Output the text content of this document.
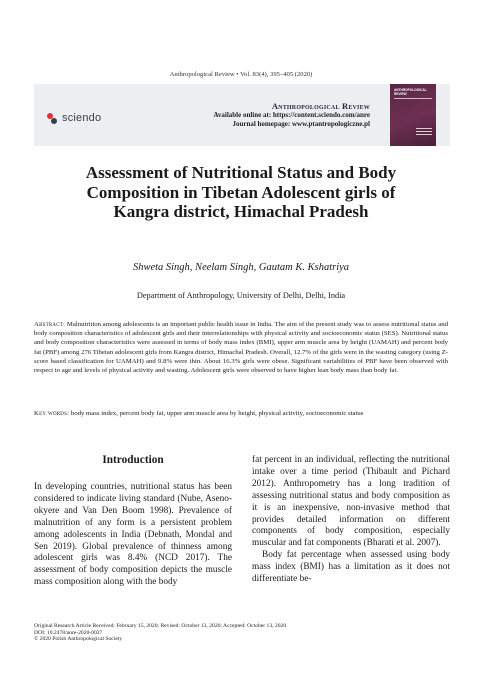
Anthropological Review • Vol. 83(4), 395–405 (2020)
sciendo
Anthropological Review
Available online at: https://content.sciendo.com/anre
Journal homepage: www.ptantropologiczne.pl
ANTHROPOLOGICAL REVIEW
Assessment of Nutritional Status and Body Composition in Tibetan Adolescent girls of Kangra district, Himachal Pradesh
Shweta Singh, Neelam Singh, Gautam K. Kshatriya
Department of Anthropology, University of Delhi, Delhi, India
Abstract: Malnutrition among adolescents is an important public health issue in India. The aim of the present study was to assess nutritional status and body composition characteristics of adolescent girls and their interrelationships with physical activity and socioeconomic status (SES). Nutritional status and body composition characteristics were assessed in terms of body mass index (BMI), upper arm muscle area by height (UAMAH) and percent body fat (PBF) among 276 Tibetan adolescent girls from Kangra district, Himachal Pradesh. Overall, 12.7% of the girls were in the wasting category (using Z-score based classification for UAMAH) and 9.8% were thin. About 16.3% girls were obese. Significant variabilities of PBF have been observed with respect to age and levels of physical activity and wasting. Adolescent girls were observed to have higher lean body mass than body fat.
Key words: body mass index, percent body fat, upper arm muscle area by height, physical activity, socioeconomic status
Introduction

In developing countries, nutritional status has been considered to indicate living standard (Nube, Aseno-okyere and Van Den Boom 1998). Prevalence of malnutrition of any form is a persistent problem among adolescents in India (Debnath, Mondal and Sen 2019). Global prevalence of thinness among adolescent girls was 8.4% (NCD 2017). The assessment of body composition depicts the muscle mass composition along with the body

fat percent in an individual, reflecting the nutritional intake over a time period (Thibault and Pichard 2012). Anthropometry has a long tradition of assessing nutritional status and body composition as it is an inexpensive, non-invasive method that provides detailed information on different components of body composition, especially muscular and fat components (Bharati et al. 2007).

Body fat percentage when assessed using body mass index (BMI) has a limitation as it does not differentiate be-

Original Research Article Received: February 15, 2020; Revised: October 13, 2020; Accepted: October 13, 2020
DOI: 10.2478/anre-2020-0027
© 2020 Polish Anthropological Society
